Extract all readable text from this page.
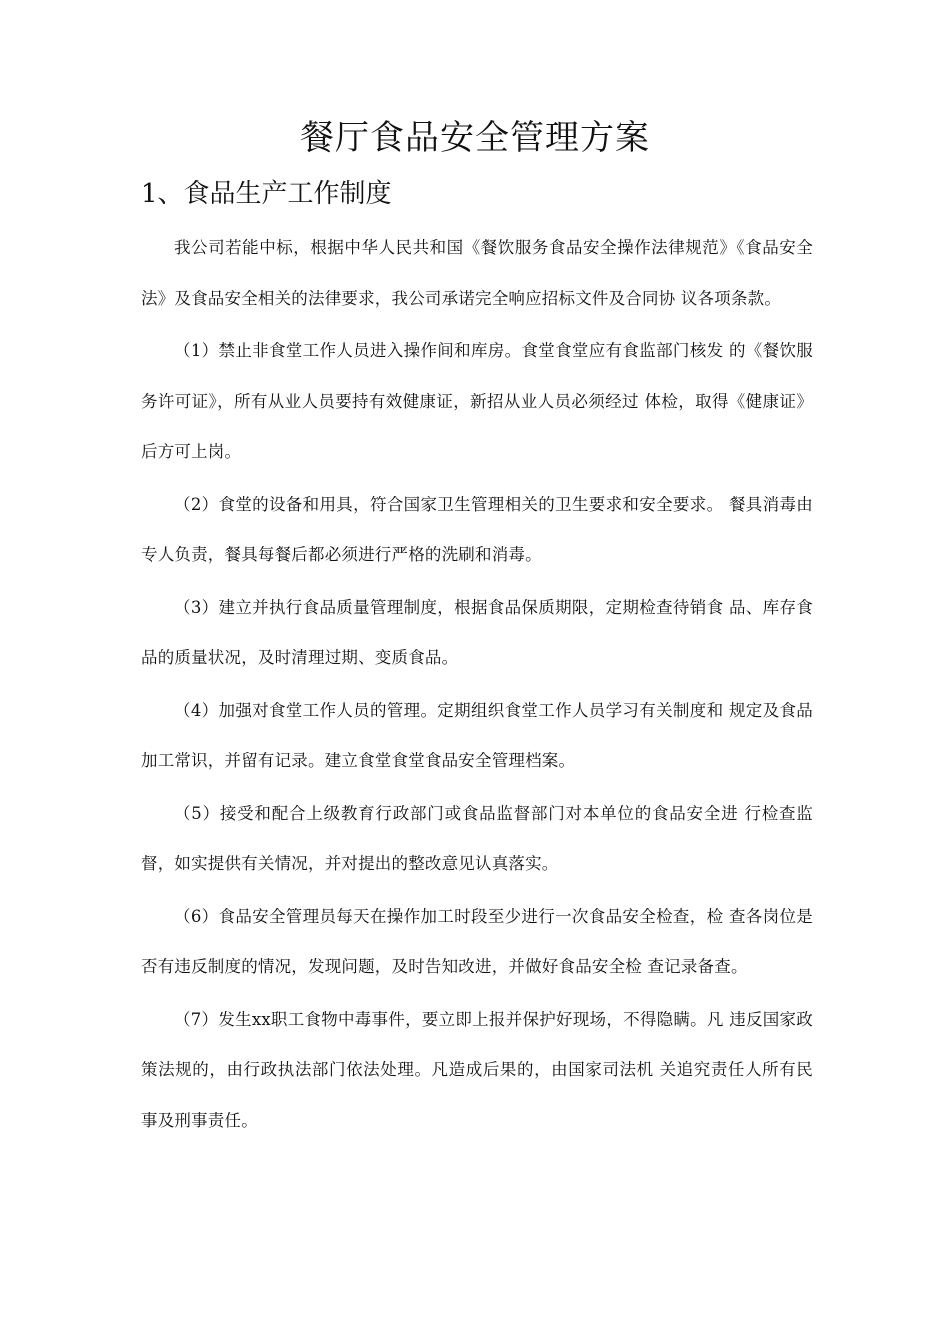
餐厅食品安全管理方案
1、食品生产工作制度

我公司若能中标，根据中华人民共和国《餐饮服务食品安全操作法律规范》《食品安全法》及食品安全相关的法律要求，我公司承诺完全响应招标文件及合同协 议各项条款。

（1）禁止非食堂工作人员进入操作间和库房。食堂食堂应有食监部门核发 的《餐饮服务许可证》，所有从业人员要持有效健康证，新招从业人员必须经过 体检，取得《健康证》后方可上岗。

（2）食堂的设备和用具，符合国家卫生管理相关的卫生要求和安全要求。 餐具消毒由专人负责，餐具每餐后都必须进行严格的洗刷和消毒。

（3）建立并执行食品质量管理制度，根据食品保质期限，定期检查待销食 品、库存食品的质量状况，及时清理过期、变质食品。

（4）加强对食堂工作人员的管理。定期组织食堂工作人员学习有关制度和 规定及食品加工常识，并留有记录。建立食堂食堂食品安全管理档案。

（5）接受和配合上级教育行政部门或食品监督部门对本单位的食品安全进 行检查监督，如实提供有关情况，并对提出的整改意见认真落实。

（6）食品安全管理员每天在操作加工时段至少进行一次食品安全检查，检 查各岗位是否有违反制度的情况，发现问题，及时告知改进，并做好食品安全检 查记录备查。

（7）发生xx职工食物中毒事件，要立即上报并保护好现场，不得隐瞒。凡 违反国家政策法规的，由行政执法部门依法处理。凡造成后果的，由国家司法机 关追究责任人所有民事及刑事责任。
